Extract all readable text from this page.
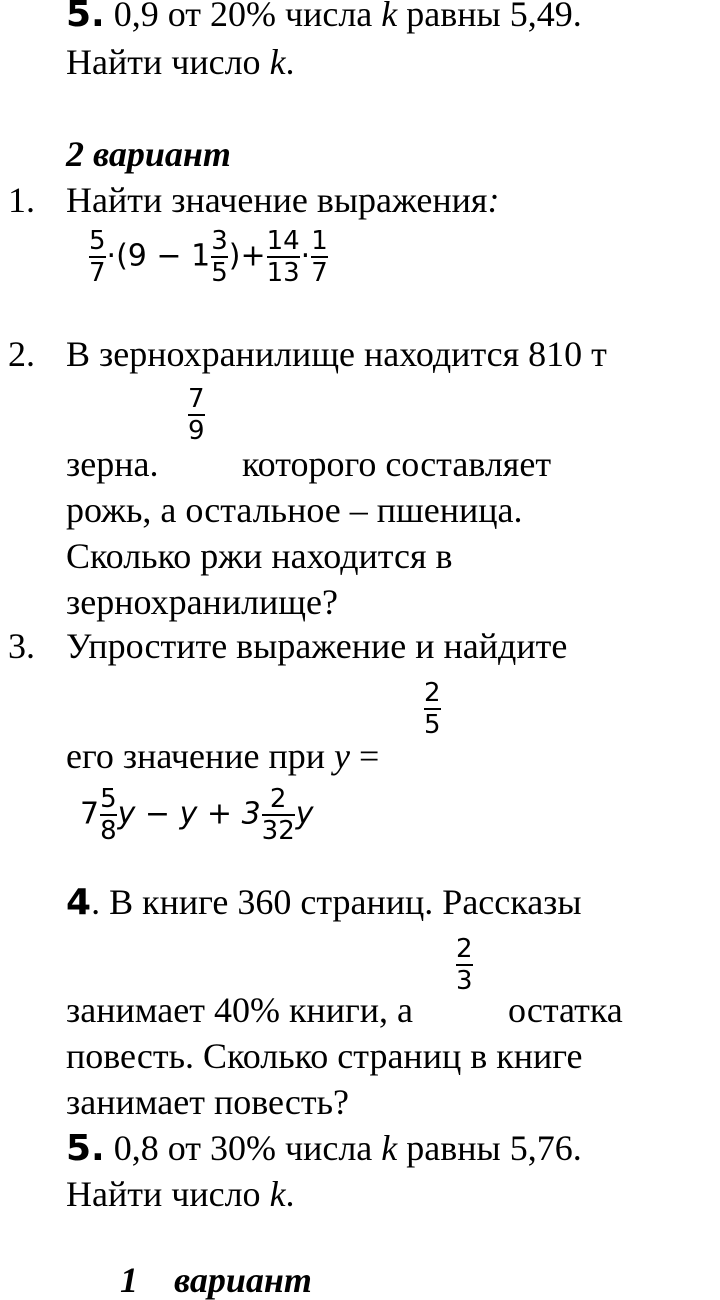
5. 0,9 от 20% числа k равны 5,49.
Найти число k.
2 вариант
1. Найти значение выражения:
$\frac{5}{7} \cdot(9 - 1 \frac{3}{5}$ )+ $\frac{14}{13} \cdot \frac{1}{7}$
2. В зернохранилище находится 810 т
7
9
зерна. которого составляет
рожь, а остальное – пшеница.
Сколько ржи находится в
зернохранилище?
3. Упростите выражение и найдите
его значение при y =
2
5
$7 \frac{5}{8}$ $y - y + 3 \frac{2}{32}$ y
4. В книге 360 страниц. Рассказы
2
3
занимает 40% книги, а	остатка
повесть. Сколько страниц в книге
занимает повесть?
5. 0,8 от 30% числа k равны 5,76.
Найти число k.
1    вариант
